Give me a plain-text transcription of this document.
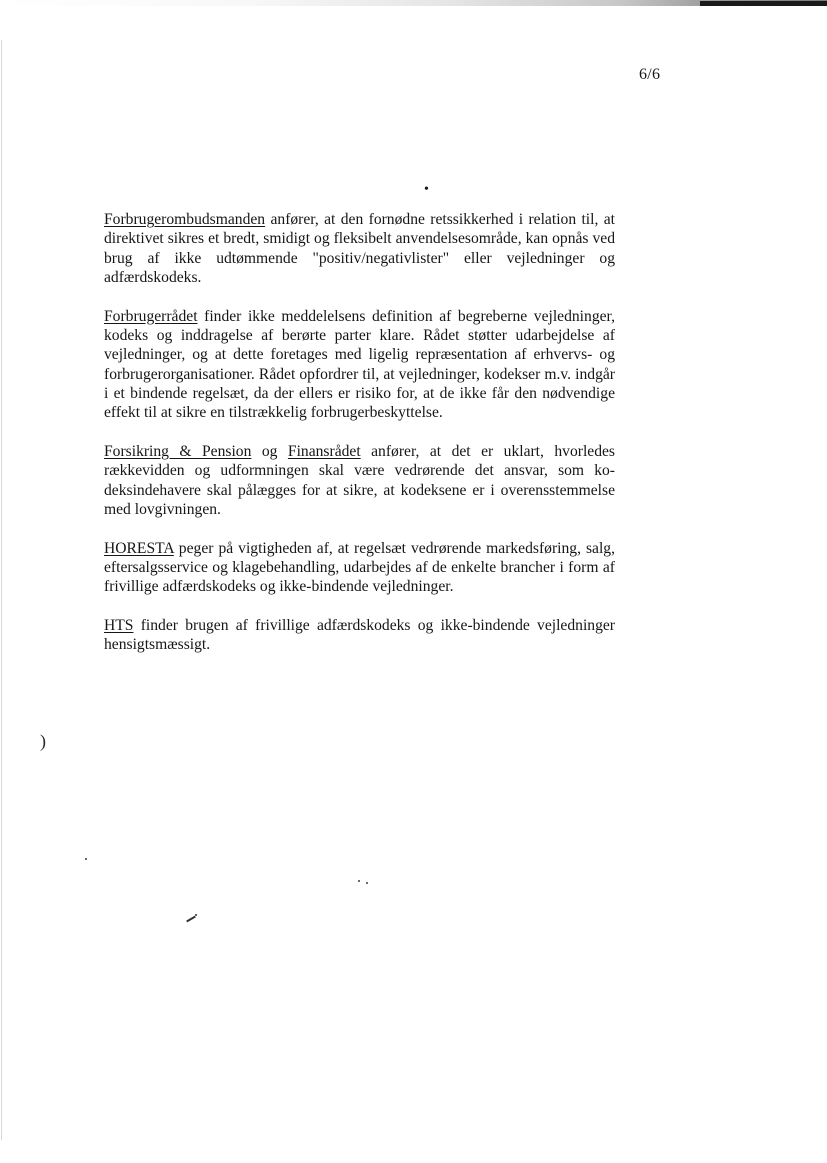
6/6
•

Forbrugerombudsmanden anfører, at den fornødne retssikkerhed i relation til, at direktivet sikres et bredt, smidigt og fleksibelt anvendelsesområde, kan opnås ved brug af ikke udtømmende "positiv/negativlister" eller vejledninger og adfærdskodeks.

Forbrugerrådet finder ikke meddelelsens definition af begreberne vejledninger, kodeks og inddragelse af berørte parter klare. Rådet støtter udarbejdelse af vejledninger, og at dette foretages med ligelig repræsentation af erhvervs- og forbrugerorganisationer. Rådet opfordrer til, at vejledninger, kodekser m.v. indgår i et bindende regelsæt, da der ellers er risiko for, at de ikke får den nødvendige effekt til at sikre en tilstrækkelig forbrugerbeskyttelse.

Forsikring & Pension og Finansrådet anfører, at det er uklart, hvorledes rækkevidden og udformningen skal være vedrørende det ansvar, som kodeksindehavere skal pålægges for at sikre, at kodeksene er i overensstemmelse med lovgivningen.

HORESTA peger på vigtigheden af, at regelsæt vedrørende markedsføring, salg, eftersalgsservice og klagebehandling, udarbejdes af de enkelte brancher i form af frivillige adfærdskodeks og ikke-bindende vejledninger.

HTS finder brugen af frivillige adfærdskodeks og ikke-bindende vejledninger hensigtsmæssigt.

)
